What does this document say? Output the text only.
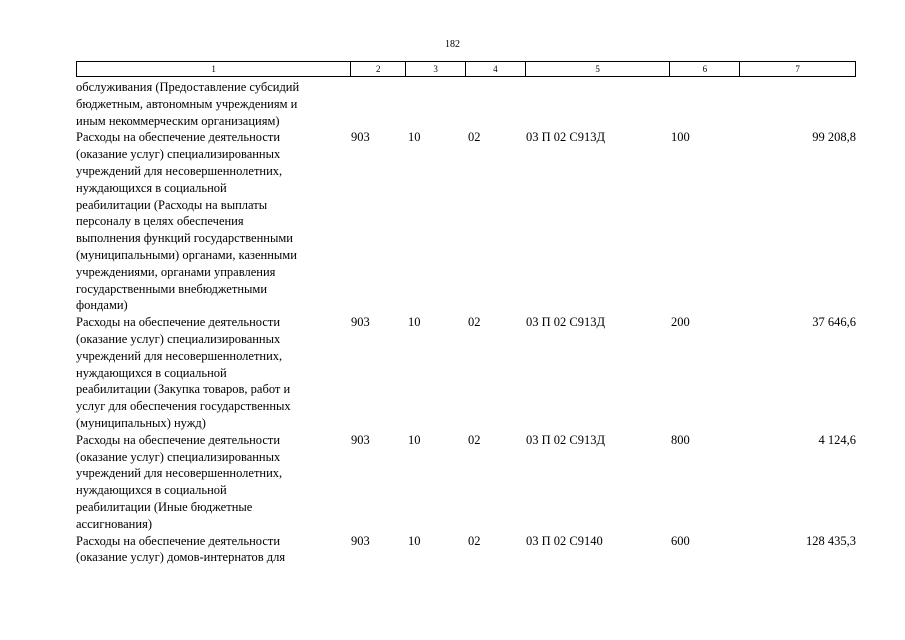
182
1	2	3	4	5	6	7
обслуживания (Предоставление субсидий
бюджетным, автономным учреждениям и
иным некоммерческим организациям)
Расходы на обеспечение деятельности
(оказание услуг) специализированных
учреждений для несовершеннолетних,
нуждающихся в социальной
реабилитации (Расходы на выплаты
персоналу в целях обеспечения
выполнения функций государственными
(муниципальными) органами, казенными
учреждениями, органами управления
государственными внебюджетными
фондами)
903	10	02	03 П 02 С913Д	100	99 208,8
Расходы на обеспечение деятельности
(оказание услуг) специализированных
учреждений для несовершеннолетних,
нуждающихся в социальной
реабилитации (Закупка товаров, работ и
услуг для обеспечения государственных
(муниципальных) нужд)
903	10	02	03 П 02 С913Д	200	37 646,6
Расходы на обеспечение деятельности
(оказание услуг) специализированных
учреждений для несовершеннолетних,
нуждающихся в социальной
реабилитации (Иные бюджетные
ассигнования)
903	10	02	03 П 02 С913Д	800	4 124,6
Расходы на обеспечение деятельности
(оказание услуг) домов-интернатов для
903	10	02	03 П 02 С9140	600	128 435,3
